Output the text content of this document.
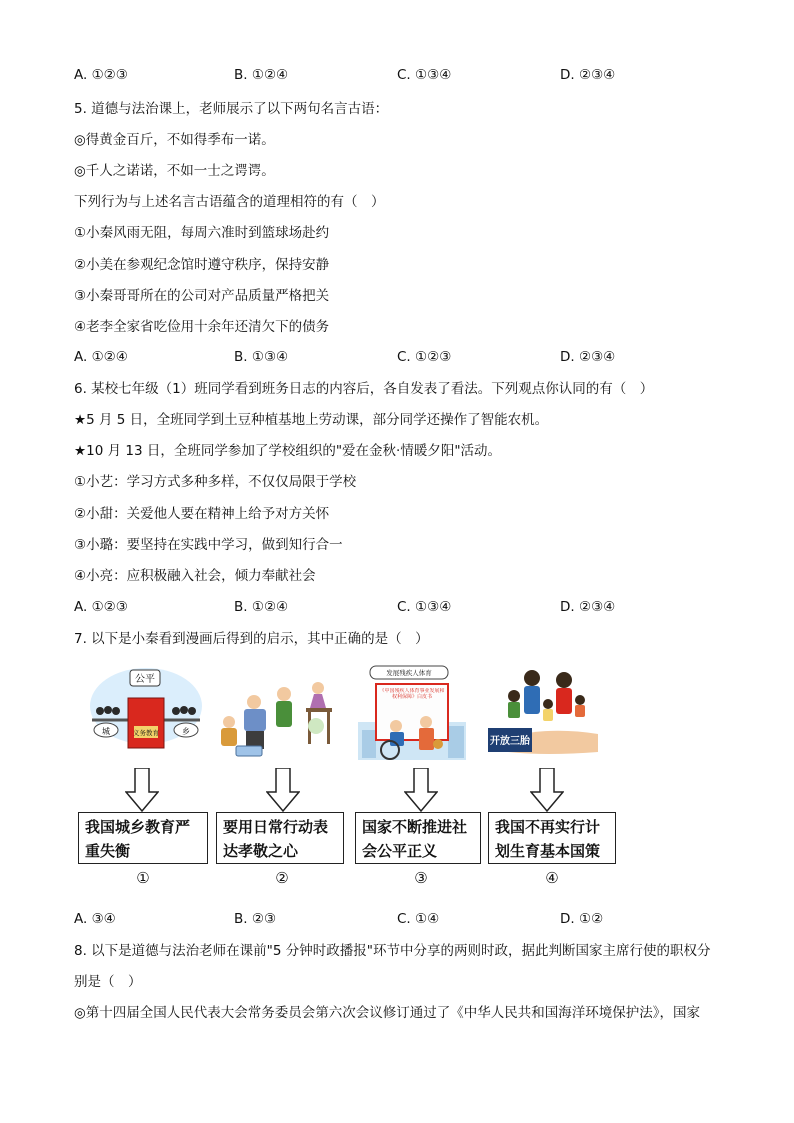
A. ①②③	B. ①②④	C. ①③④	D. ②③④
5. 道德与法治课上，老师展示了以下两句名言古语：
◎得黄金百斤，不如得季布一诺。
◎千人之诺诺，不如一士之谔谔。
下列行为与上述名言古语蕴含的道理相符的有（　）
①小秦风雨无阻，每周六准时到篮球场赴约
②小美在参观纪念馆时遵守秩序，保持安静
③小秦哥哥所在的公司对产品质量严格把关
④老李全家省吃俭用十余年还清欠下的债务
A. ①②④	B. ①③④	C. ①②③	D. ②③④
6. 某校七年级（1）班同学看到班务日志的内容后，各自发表了看法。下列观点你认同的有（　）
★5 月 5 日，全班同学到土豆种植基地上劳动课，部分同学还操作了智能农机。
★10 月 13 日，全班同学参加了学校组织的"爱在金秋·情暖夕阳"活动。
①小艺：学习方式多种多样，不仅仅局限于学校
②小甜：关爱他人要在精神上给予对方关怀
③小璐：要坚持在实践中学习，做到知行合一
④小亮：应积极融入社会，倾力奉献社会
A. ①②③	B. ①②④	C. ①③④	D. ②③④
7. 以下是小秦看到漫画后得到的启示，其中正确的是（　）
公平
义务教育
城	乡
发展残疾人体育
《中国残疾人体育事业发展和权利保障》白皮书
开放三胎
我国城乡教育严重失衡
要用日常行动表达孝敬之心
国家不断推进社会公平正义
我国不再实行计划生育基本国策
①	②	③	④
A. ③④	B. ②③	C. ①④	D. ①②
8. 以下是道德与法治老师在课前"5 分钟时政播报"环节中分享的两则时政，据此判断国家主席行使的职权分
别是（　）
◎第十四届全国人民代表大会常务委员会第六次会议修订通过了《中华人民共和国海洋环境保护法》，国家
